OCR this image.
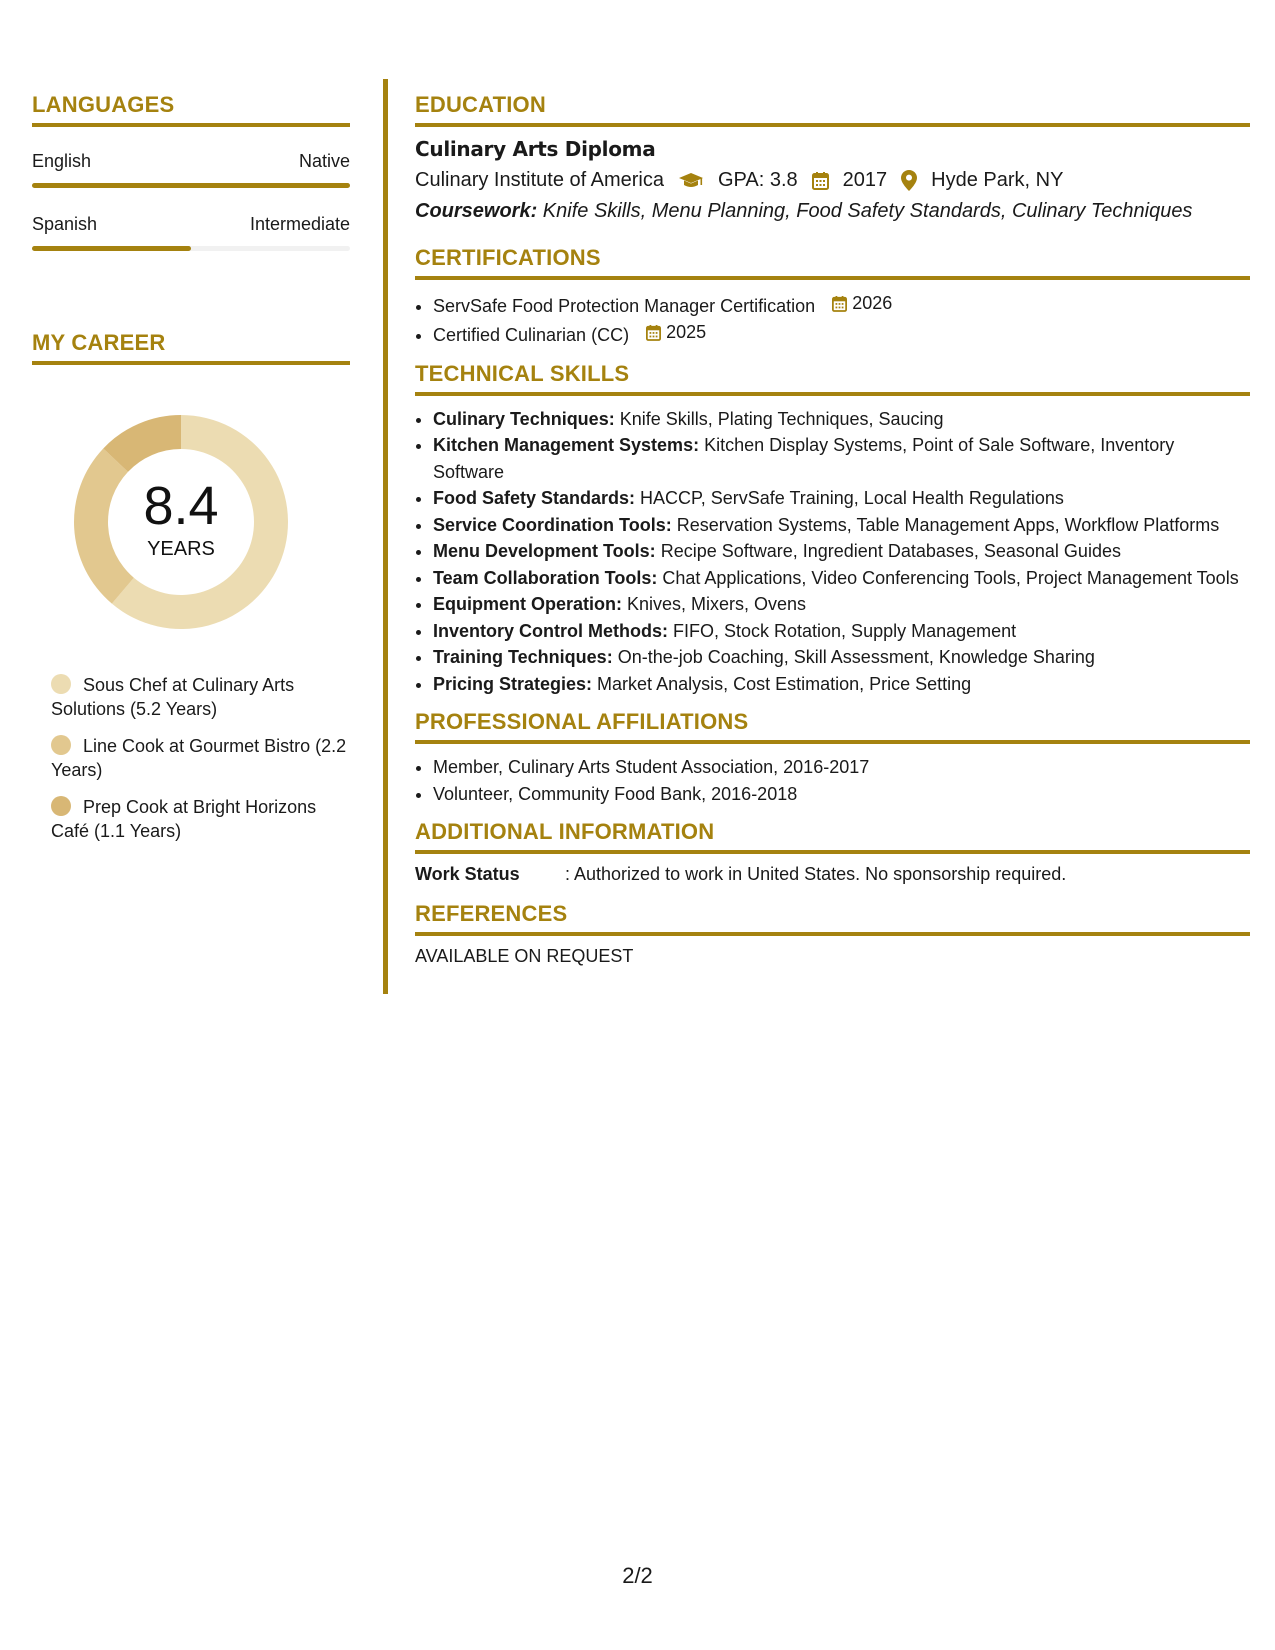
LANGUAGES
English	Native
Spanish	Intermediate
MY CAREER
8.4
YEARS
Sous Chef at Culinary Arts Solutions (5.2 Years)
Line Cook at Gourmet Bistro (2.2 Years)
Prep Cook at Bright Horizons Café (1.1 Years)
EDUCATION
Culinary Arts Diploma
Culinary Institute of America	GPA: 3.8 2017 Hyde Park, NY
Coursework: Knife Skills, Menu Planning, Food Safety Standards, Culinary Techniques
CERTIFICATIONS
• ServSafe Food Protection Manager Certification 2026
• Certified Culinarian (CC) 2025
TECHNICAL SKILLS
• Culinary Techniques: Knife Skills, Plating Techniques, Saucing
• Kitchen Management Systems: Kitchen Display Systems, Point of Sale Software, Inventory Software
• Food Safety Standards: HACCP, ServSafe Training, Local Health Regulations
• Service Coordination Tools: Reservation Systems, Table Management Apps, Workflow Platforms
• Menu Development Tools: Recipe Software, Ingredient Databases, Seasonal Guides
• Team Collaboration Tools: Chat Applications, Video Conferencing Tools, Project Management Tools
• Equipment Operation: Knives, Mixers, Ovens
• Inventory Control Methods: FIFO, Stock Rotation, Supply Management
• Training Techniques: On-the-job Coaching, Skill Assessment, Knowledge Sharing
• Pricing Strategies: Market Analysis, Cost Estimation, Price Setting
PROFESSIONAL AFFILIATIONS
• Member, Culinary Arts Student Association, 2016-2017
• Volunteer, Community Food Bank, 2016-2018
ADDITIONAL INFORMATION
Work Status	: Authorized to work in United States. No sponsorship required.
REFERENCES
AVAILABLE ON REQUEST
2/2
